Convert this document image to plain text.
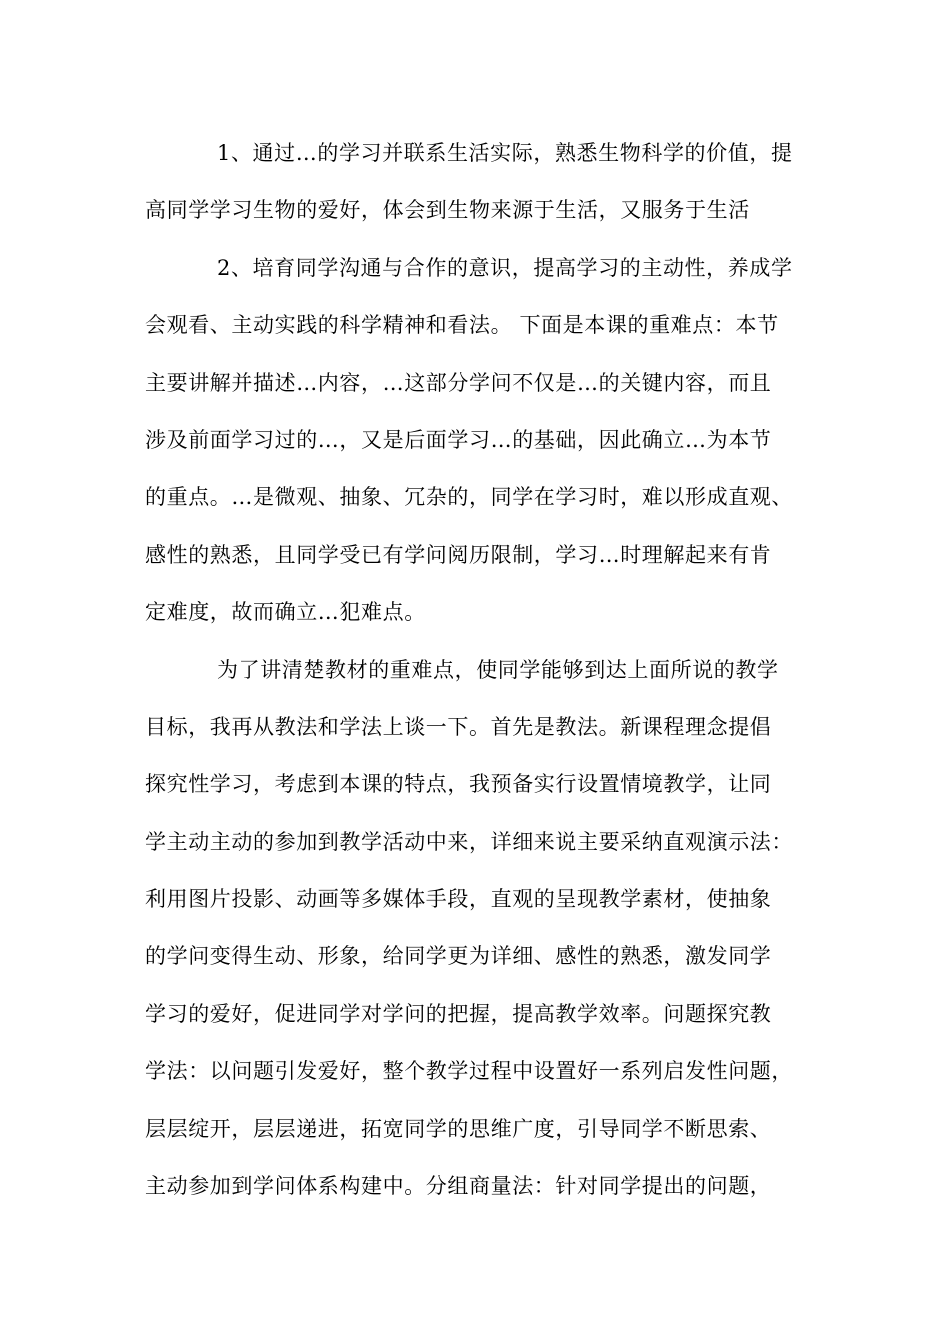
1、通过…的学习并联系生活实际，熟悉生物科学的价值，提
高同学学习生物的爱好，体会到生物来源于生活，又服务于生活
2、培育同学沟通与合作的意识，提高学习的主动性，养成学
会观看、主动实践的科学精神和看法。 下面是本课的重难点：本节
主要讲解并描述…内容，…这部分学问不仅是…的关键内容，而且
涉及前面学习过的…，又是后面学习…的基础，因此确立…为本节
的重点。…是微观、抽象、冗杂的，同学在学习时，难以形成直观、
感性的熟悉，且同学受已有学问阅历限制，学习…时理解起来有肯
定难度，故而确立…犯难点。
为了讲清楚教材的重难点，使同学能够到达上面所说的教学
目标，我再从教法和学法上谈一下。首先是教法。新课程理念提倡
探究性学习，考虑到本课的特点，我预备实行设置情境教学，让同
学主动主动的参加到教学活动中来，详细来说主要采纳直观演示法：
利用图片投影、动画等多媒体手段，直观的呈现教学素材，使抽象
的学问变得生动、形象，给同学更为详细、感性的熟悉，激发同学
学习的爱好，促进同学对学问的把握，提高教学效率。问题探究教
学法：以问题引发爱好，整个教学过程中设置好一系列启发性问题，
层层绽开，层层递进，拓宽同学的思维广度，引导同学不断思索、
主动参加到学问体系构建中。分组商量法：针对同学提出的问题，
